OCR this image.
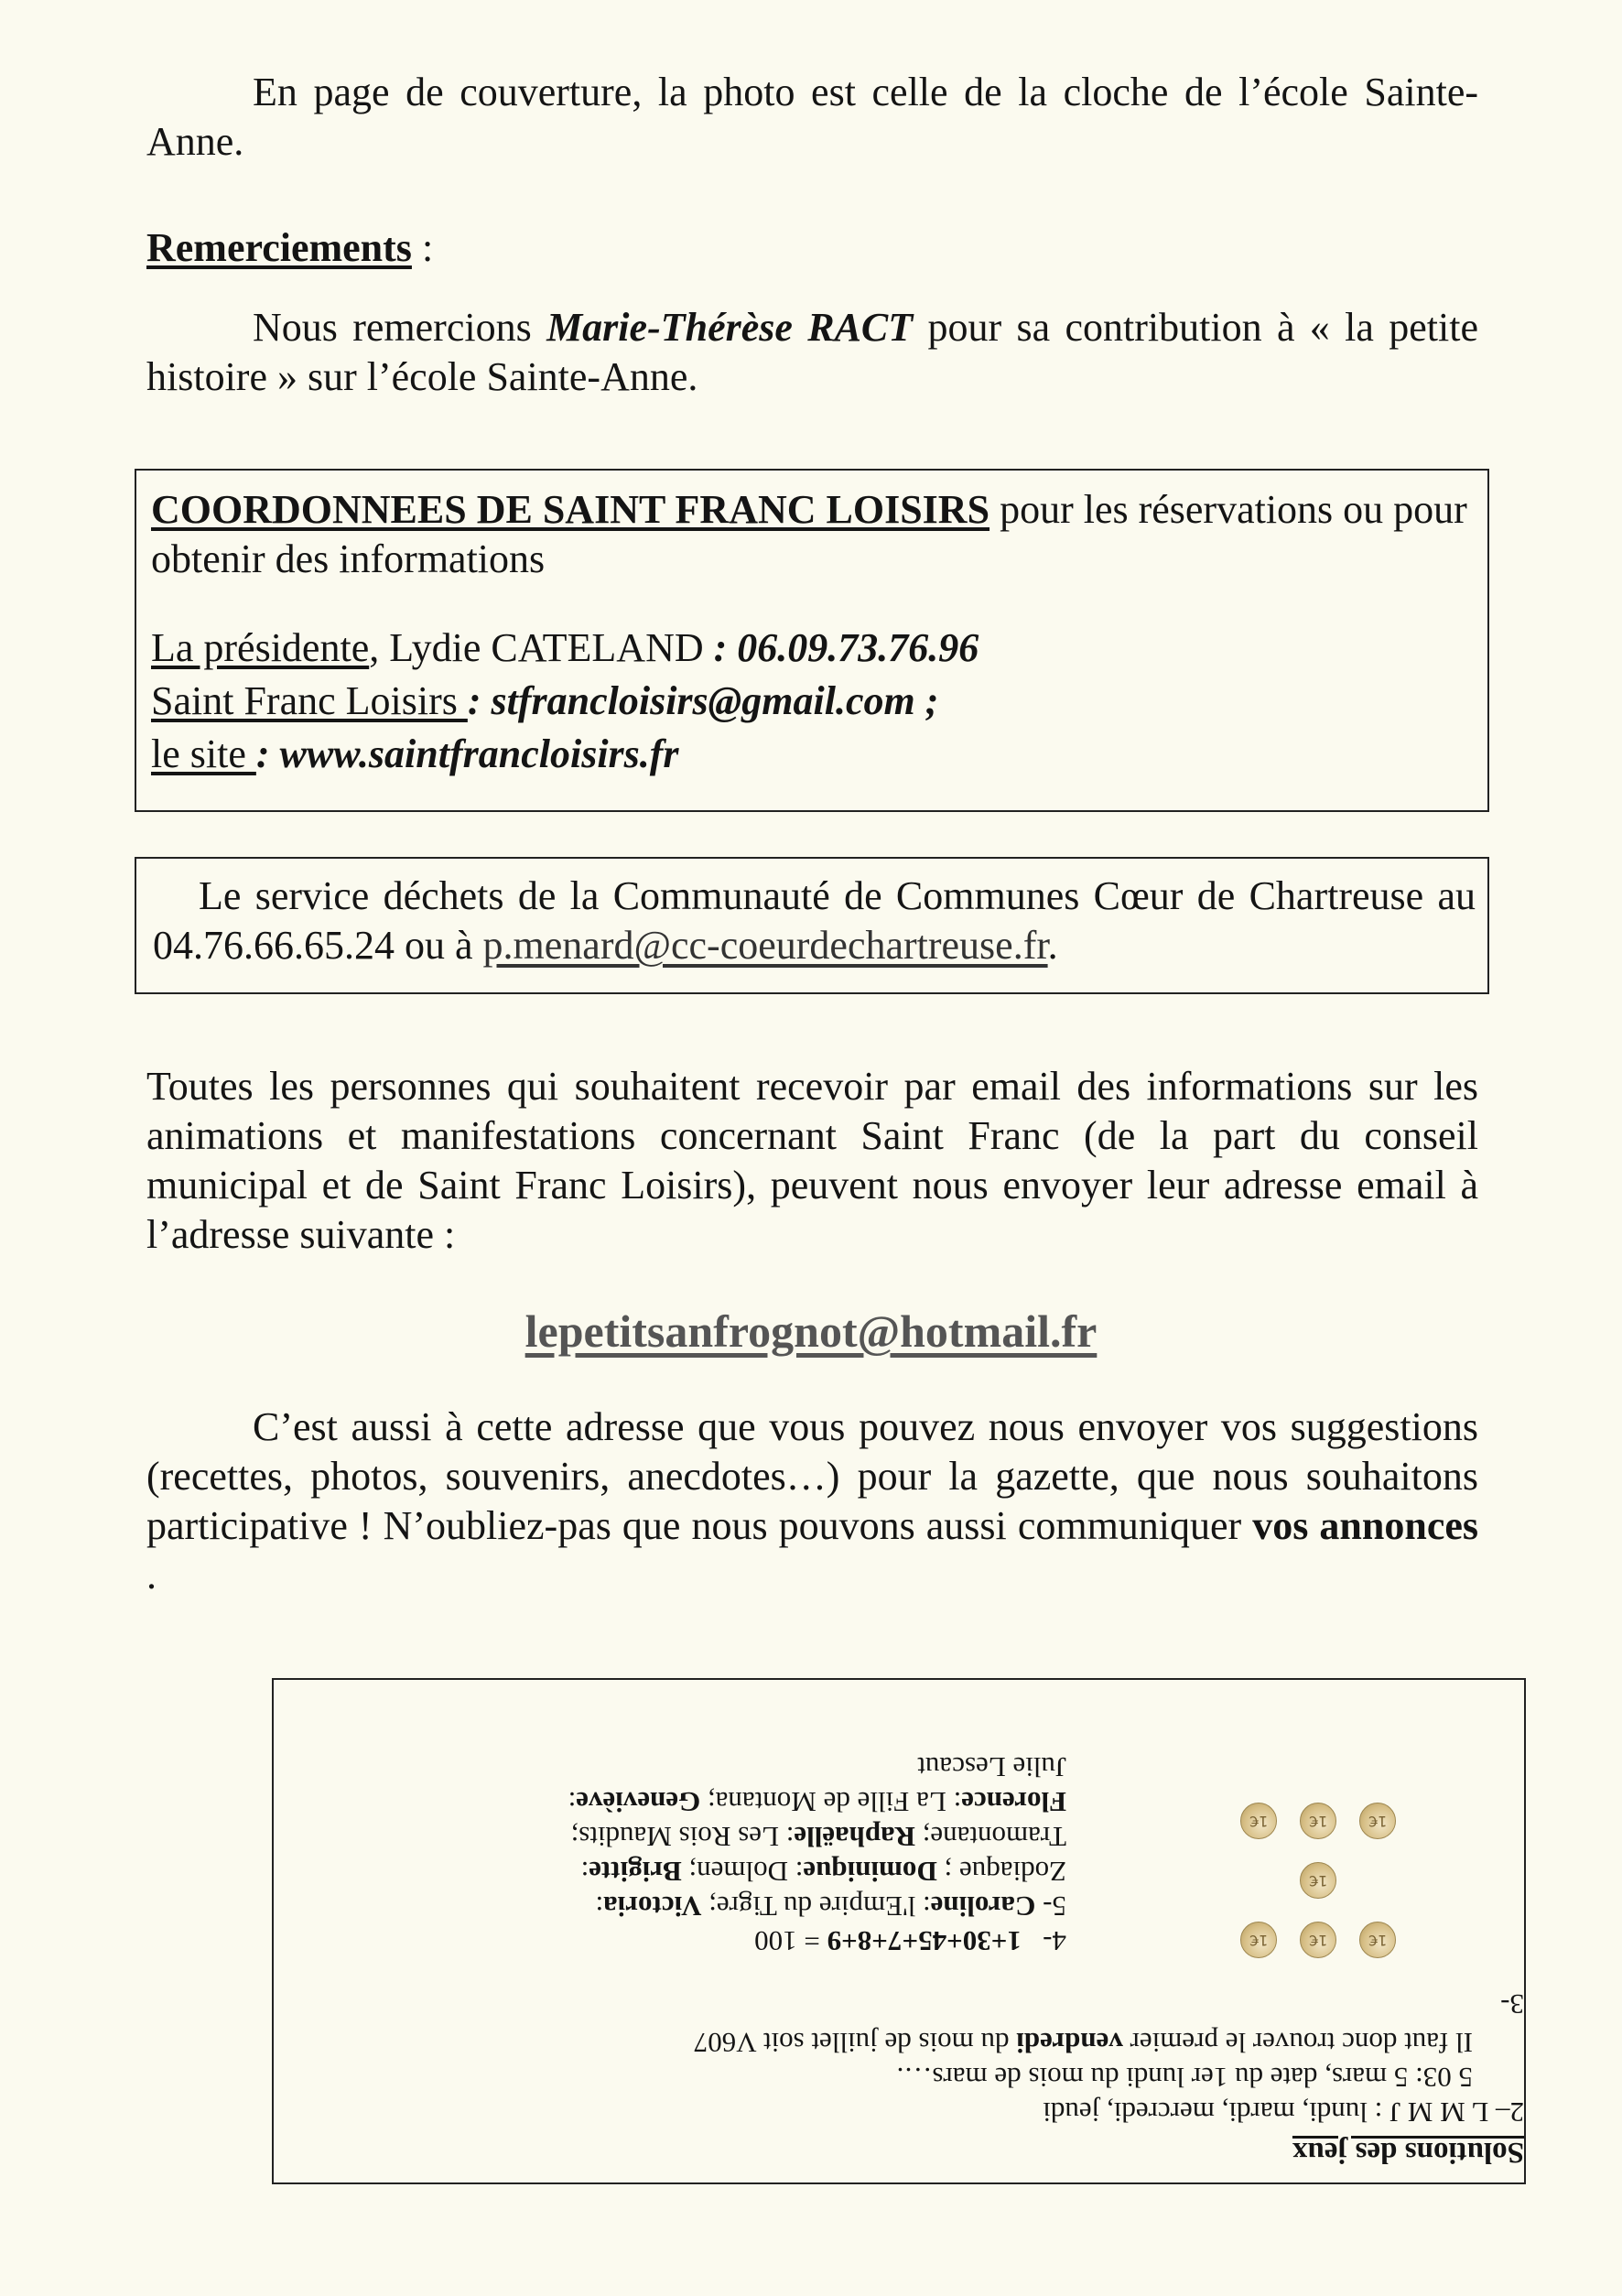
En page de couverture, la photo est celle de la cloche de l’école Sainte-Anne.

Remerciements :

Nous remercions Marie-Thérèse RACT pour sa contribution à « la petite histoire » sur l’école Sainte-Anne.

COORDONNEES DE SAINT FRANC LOISIRS pour les réservations ou pour obtenir des informations

La présidente, Lydie CATELAND : 06.09.73.76.96
Saint Franc Loisirs : stfrancloisirs@gmail.com ;
le site : www.saintfrancloisirs.fr

Le service déchets de la Communauté de Communes Cœur de Chartreuse au 04.76.66.65.24 ou à p.menard@cc-coeurdechartreuse.fr.

Toutes les personnes qui souhaitent recevoir par email des informations sur les animations et manifestations concernant Saint Franc (de la part du conseil municipal et de Saint Franc Loisirs), peuvent nous envoyer leur adresse email à l’adresse suivante :

lepetitsanfrognot@hotmail.fr

C’est aussi à cette adresse que vous pouvez nous envoyer vos suggestions (recettes, photos, souvenirs, anecdotes…) pour la gazette, que nous souhaitons participative ! N’oubliez-pas que nous pouvons aussi communiquer vos annonces .

Solutions des jeux
2– L M M J : lundi, mardi, mercredi, jeudi
5 03: 5 mars, date du 1er lundi du mois de mars….
Il faut donc trouver le premier vendredi du mois de juillet soit V607
3-
4-   1+30+45+7+8+9 = 100
5- Caroline: l'Empire du Tigre; Victoria:
Zodiaque ; Dominique: Dolmen; Brigitte:
Tramontane; Raphaëlle: Les Rois Maudits;
Florence: La Fille de Montana; Geneviève:
Julie Lescaut
1€
1€
1€
1€
1€
1€
1€
